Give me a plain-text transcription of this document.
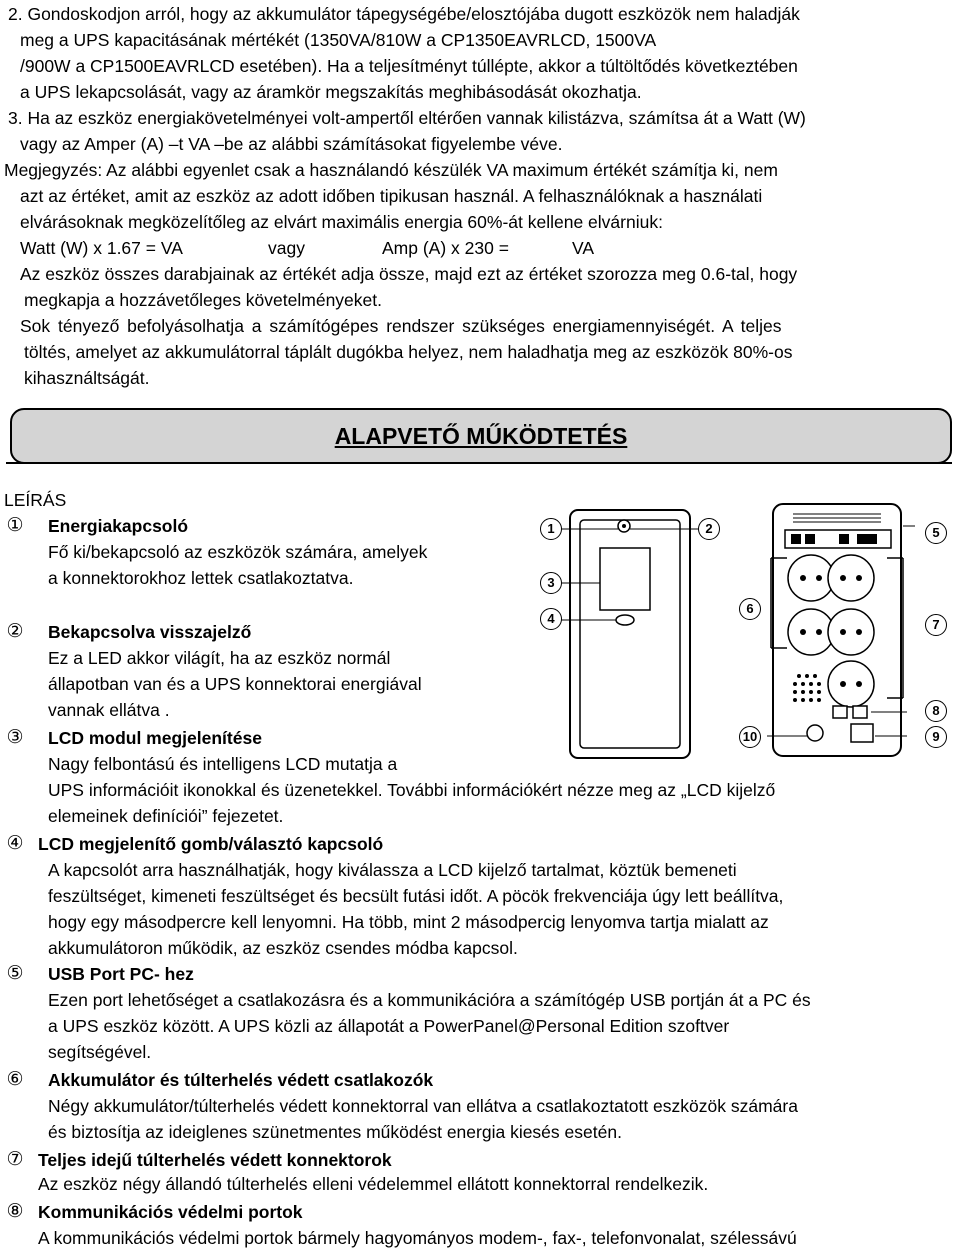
2. Gondoskodjon arról, hogy az akkumulátor tápegységébe/elosztójába dugott eszközök nem haladják
meg a UPS kapacitásának mértékét (1350VA/810W a CP1350EAVRLCD, 1500VA
/900W a CP1500EAVRLCD esetében). Ha a teljesítményt túllépte, akkor a túltöltődés következtében
a UPS lekapcsolását, vagy az áramkör megszakítás meghibásodását okozhatja.
3. Ha az eszköz energiakövetelményei volt-ampertől eltérően vannak kilistázva, számítsa át a Watt (W)
vagy az Amper (A) –t VA –be az alábbi számításokat figyelembe véve.
Megjegyzés: Az alábbi egyenlet csak a használandó készülék VA maximum értékét számítja ki, nem
azt az értéket, amit az eszköz az adott időben tipikusan használ. A felhasználóknak a használati
elvárásoknak megközelítőleg az elvárt maximális energia 60%-át kellene elvárniuk:
Watt (W) x 1.67 = VA	vagy	Amp (A) x 230 =	VA
Az eszköz összes darabjainak az értékét adja össze, majd ezt az értéket szorozza meg 0.6-tal, hogy
megkapja a hozzávetőleges követelményeket.
Sok tényező befolyásolhatja a számítógépes rendszer szükséges energiamennyiségét. A teljes
töltés, amelyet az akkumulátorral táplált dugókba helyez, nem haladhatja meg az eszközök 80%-os
kihasználtságát.
ALAPVETŐ MŰKÖDTETÉS
LEÍRÁS
① Energiakapcsoló
Fő ki/bekapcsoló az eszközök számára, amelyek
a konnektorokhoz lettek csatlakoztatva.
② Bekapcsolva visszajelző
Ez a LED akkor világít, ha az eszköz normál
állapotban van és a UPS konnektorai energiával
vannak ellátva .
③ LCD modul megjelenítése
Nagy felbontású és intelligens LCD mutatja a
UPS információit ikonokkal és üzenetekkel. További információkért nézze meg az „LCD kijelző
elemeinek definíciói” fejezetet.
④ LCD megjelenítő gomb/választó kapcsoló
A kapcsolót arra használhatják, hogy kiválassza a LCD kijelző tartalmat, köztük bemeneti
feszültséget, kimeneti feszültséget és becsült futási időt. A pöcök frekvenciája úgy lett beállítva,
hogy egy másodpercre kell lenyomni. Ha több, mint 2 másodpercig lenyomva tartja mialatt az
akkumulátoron működik, az eszköz csendes módba kapcsol.
⑤ USB Port PC- hez
Ezen port lehetőséget a csatlakozásra és a kommunikációra a számítógép USB portján át a PC és
a UPS eszköz között. A UPS közli az állapotát a PowerPanel@Personal Edition szoftver
segítségével.
⑥ Akkumulátor és túlterhelés védett csatlakozók
Négy akkumulátor/túlterhelés védett konnektorral van ellátva a csatlakoztatott eszközök számára
és biztosítja az ideiglenes szünetmentes működést energia kiesés esetén.
⑦ Teljes idejű túlterhelés védett konnektorok
Az eszköz négy állandó túlterhelés elleni védelemmel ellátott konnektorral rendelkezik.
⑧ Kommunikációs védelmi portok
A kommunikációs védelmi portok bármely hagyományos modem-, fax-, telefonvonalat, szélessávú
1	2
3
4
5
6
7
8
9
10
